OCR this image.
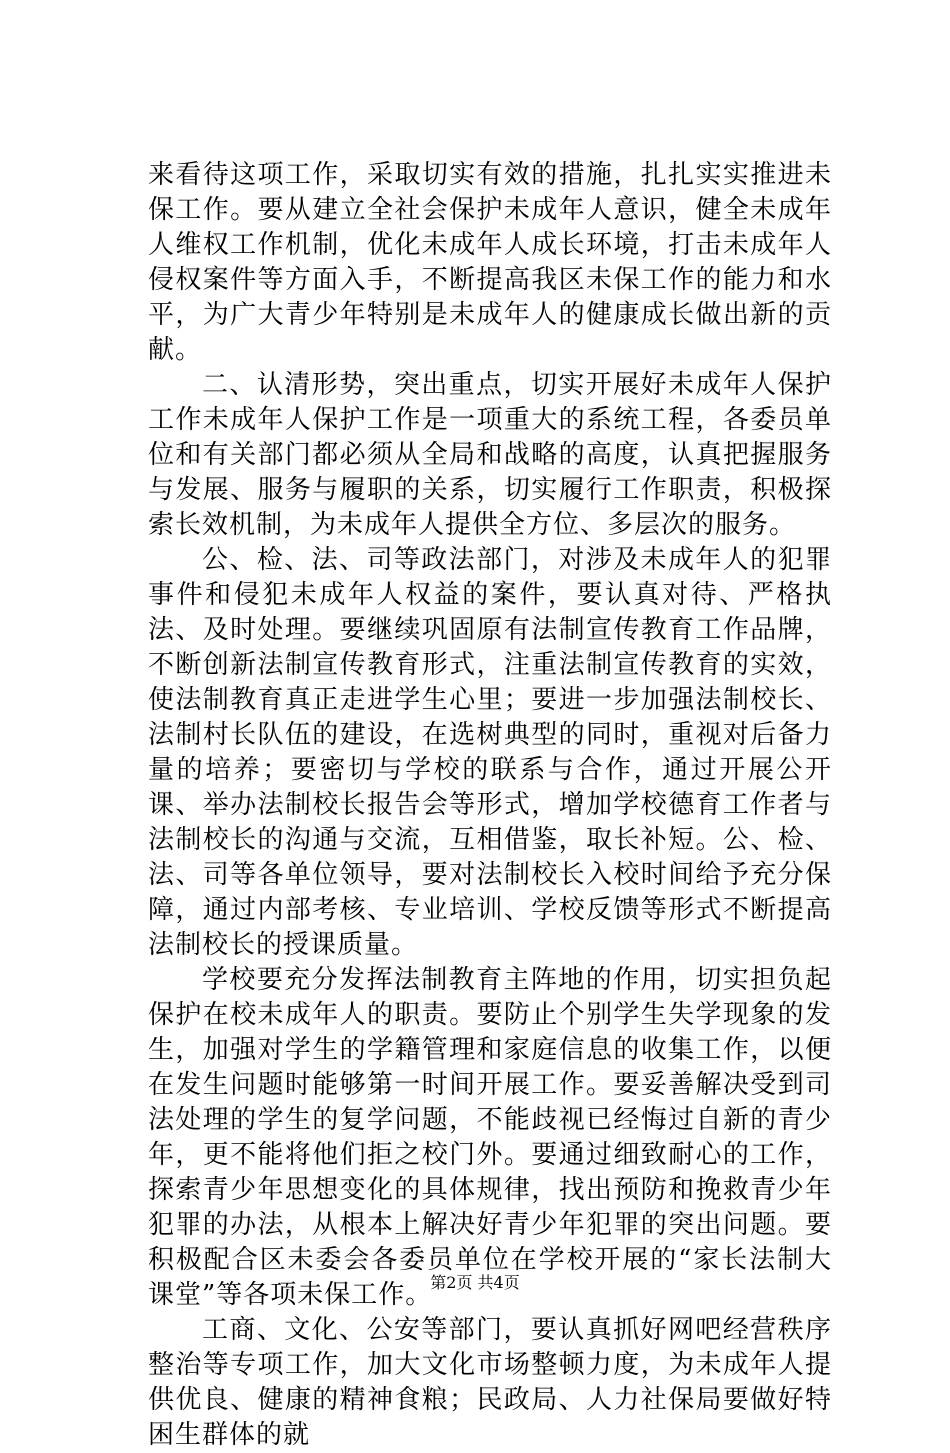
来看待这项工作，采取切实有效的措施，扎扎实实推进未保工作。要从建立全社会保护未成年人意识，健全未成年人维权工作机制，优化未成年人成长环境，打击未成年人侵权案件等方面入手，不断提高我区未保工作的能力和水平，为广大青少年特别是未成年人的健康成长做出新的贡献。

二、认清形势，突出重点，切实开展好未成年人保护工作未成年人保护工作是一项重大的系统工程，各委员单位和有关部门都必须从全局和战略的高度，认真把握服务与发展、服务与履职的关系，切实履行工作职责，积极探索长效机制，为未成年人提供全方位、多层次的服务。

公、检、法、司等政法部门，对涉及未成年人的犯罪事件和侵犯未成年人权益的案件，要认真对待、严格执法、及时处理。要继续巩固原有法制宣传教育工作品牌，不断创新法制宣传教育形式，注重法制宣传教育的实效，使法制教育真正走进学生心里；要进一步加强法制校长、法制村长队伍的建设，在选树典型的同时，重视对后备力量的培养；要密切与学校的联系与合作，通过开展公开课、举办法制校长报告会等形式，增加学校德育工作者与法制校长的沟通与交流，互相借鉴，取长补短。公、检、法、司等各单位领导，要对法制校长入校时间给予充分保障，通过内部考核、专业培训、学校反馈等形式不断提高法制校长的授课质量。

学校要充分发挥法制教育主阵地的作用，切实担负起保护在校未成年人的职责。要防止个别学生失学现象的发生，加强对学生的学籍管理和家庭信息的收集工作，以便在发生问题时能够第一时间开展工作。要妥善解决受到司法处理的学生的复学问题，不能歧视已经悔过自新的青少年，更不能将他们拒之校门外。要通过细致耐心的工作，探索青少年思想变化的具体规律，找出预防和挽救青少年犯罪的办法，从根本上解决好青少年犯罪的突出问题。要积极配合区未委会各委员单位在学校开展的“家长法制大课堂”等各项未保工作。

工商、文化、公安等部门，要认真抓好网吧经营秩序整治等专项工作，加大文化市场整顿力度，为未成年人提供优良、健康的精神食粮；民政局、人力社保局要做好特困生群体的就

第2页 共4页
